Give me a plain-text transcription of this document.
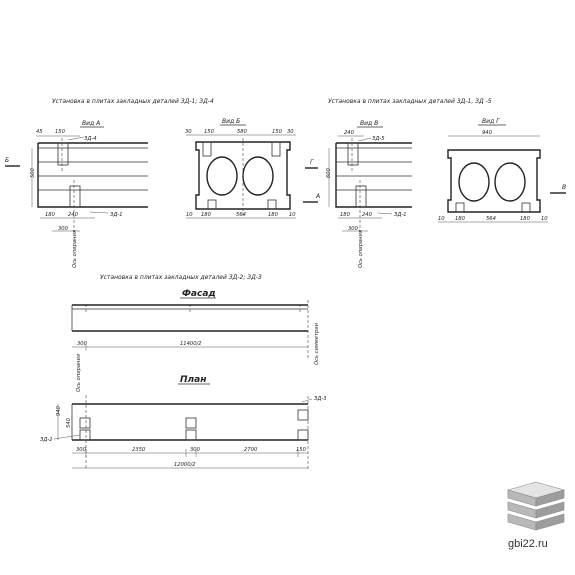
Установка в плитах закладных деталей ЗД-1; ЗД-4	Установка в плитах закладных деталей ЗД-1, ЗД -5
Установка в плитах закладных деталей ЗД-2; ЗД-3
Вид А
45 150
ЗД-4
Б
500
180	240	ЗД-1
300
Ось опирания
Вид Б
30 150	580	150 30
10 180	564	180 10
Г
А
Вид В
240
ЗД-5
600
180 240	ЗД-1
300
Ось опирания
Вид Г
940
10 180	564	180 10
В
Фасад
Ось симметрии
300	11400/2
План
Ось опирания
ЗД-3
940
540
ЗД-2
300	2350	300	2700	150
12000/2
gbi22.ru
